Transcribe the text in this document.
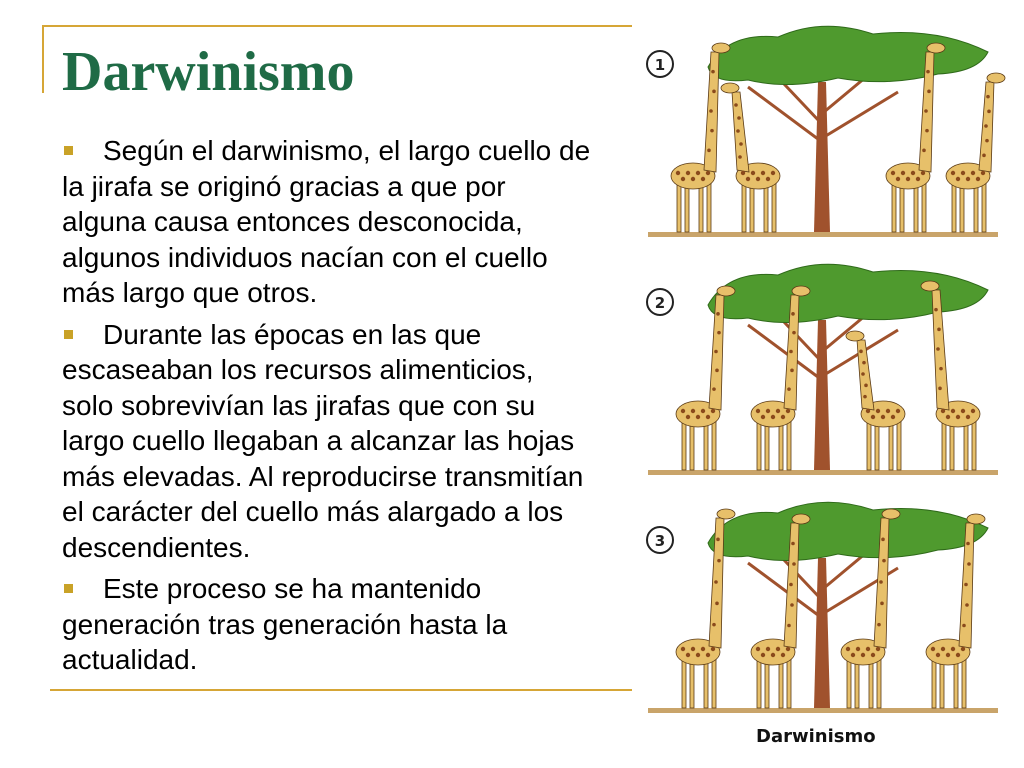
Darwinismo
Según el darwinismo, el largo cuello de la jirafa se originó gracias a que por alguna causa entonces desconocida, algunos individuos nacían con el cuello más largo que otros.
Durante las épocas en las que escaseaban los recursos alimenticios, solo sobrevivían las jirafas que con su largo cuello llegaban a alcanzar las hojas más elevadas. Al reproducirse transmitían el carácter del cuello más alargado a los descendientes.
Este proceso se ha mantenido generación tras generación hasta la actualidad.
1
2
3
Darwinismo
